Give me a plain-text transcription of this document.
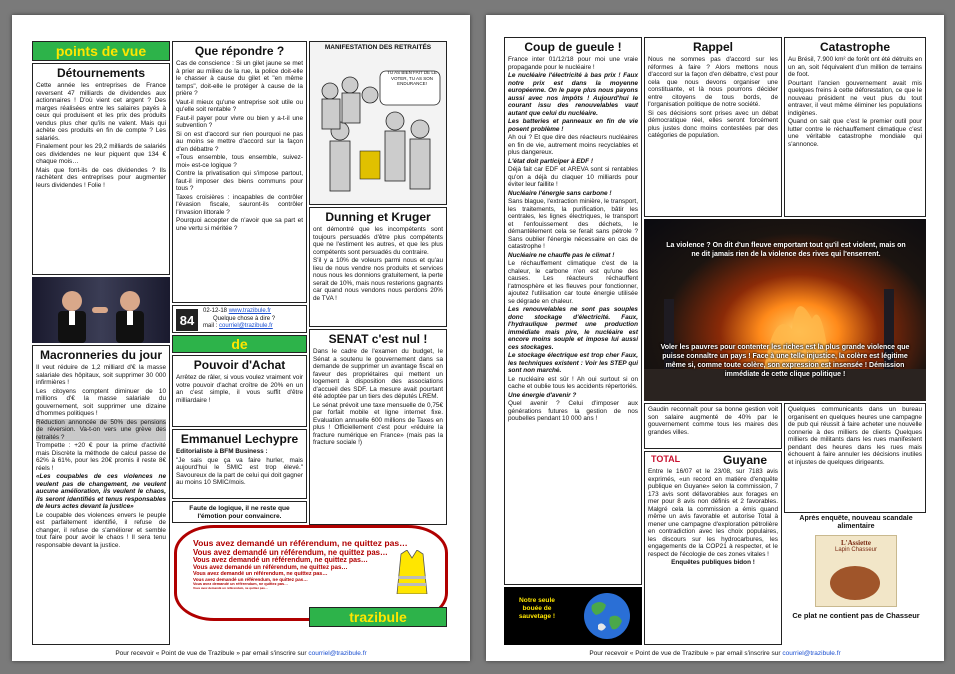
points de vue
Détournements

Cette année les entreprises de France reversent 47 milliards de dividendes aux actionnaires ! D'où vient cet argent ? Des marges réalisées entre les salaires payés à ceux qui produisent et les prix des produits vendus plus cher qu'ils ne valent. Mais qui achète ces produits en fin de compte ? Les salariés.

Finalement pour les 29,2 milliards de salariés ces dividendes ne leur piquent que 134 € chaque mois…

Mais que font-ils de ces dividendes ? Ils rachètent des entreprises pour augmenter leurs dividendes ! Folie !

Macronneries du jour

Il veut réduire de 1,2 milliard d'€ la masse salariale des hôpitaux, soit supprimer 30 000 infirmières !

Les citoyens comptent diminuer de 10 millions d'€ la masse salariale du gouvernement, soit supprimer une dizaine d'hommes politiques !

Réduction annoncée de 50% des pensions de réversion. Va-t-on vers une grève des retraités ?

Trompette : +20 € pour la prime d'activité mais Discrète la méthode de calcul passe de 62% à 61%, pour les 20€ promis il reste 8€ réels !

«Les coupables de ces violences ne veulent pas de changement, ne veulent aucune amélioration, ils veulent le chaos, ils seront identifiés et tenus responsables de leurs actes devant la justice»

Le coupable des violences envers le peuple est parfaitement identifié, il refuse de changer, il refuse de s'améliorer et semble tout faire pour avoir le chaos ! Il sera tenu responsable devant la justice.

Que répondre ?

Cas de conscience : Si un gilet jaune se met à prier au milieu de la rue, la police doit-elle le chasser à cause du gilet et "en même temps", doit-elle le protéger à cause de la prière ?

Vaut-il mieux qu'une entreprise soit utile ou qu'elle soit rentable ?

Faut-il payer pour vivre ou bien y a-t-il une subvention ?

Si on est d'accord sur rien pourquoi ne pas au moins se mettre d'accord sur la façon d'en débattre ?

«Tous ensemble, tous ensemble, suivez-moi» est-ce logique ?

Contre la privatisation qui s'impose partout, faut-il imposer des biens communs pour tous ?

Taxes croisières : incapables de contrôler l'évasion fiscale, sauront-ils contrôler l'invasion littorale ?

Pourquoi accepter de n'avoir que sa part et une vertu si méritée ?

84
02-12-18 www.trazibule.fr
Quelque chose à dire ?
mail : courriel@trazibule.fr
de
Pouvoir d'Achat

Arrêtez de râler, si vous voulez vraiment voir votre pouvoir d'achat croître de 20% en un an c'est simple, il vous suffit d'être milliardaire !

Emmanuel Lechypre

Editorialiste à BFM Business :

"Je sais que ça va faire hurler, mais aujourd'hui le SMIC est trop élevé." Savoureux de la part de celui qui doit gagner au moins 10 SMIC/mois.

Faute de logique, il ne reste que l'émotion pour convaincre.
MANIFESTATION DES RETRAITÉS
TU AS BIEN FAIT DE LE VOTER, TU AS SON ENDURANCE!
Dunning et Kruger

ont démontré que les incompétents sont toujours persuadés d'être plus compétents que ne l'estiment les autres, et que les plus compétents sont persuadés du contraire.

S'il y a 10% de voleurs parmi nous et qu'au lieu de nous vendre nos produits et services nous nous les donnions gratuitement, la perte serait de 10%, mais nous resterions gagnants car quand nous vendons nous perdons 20% de TVA !

SENAT c'est nul !

Dans le cadre de l'examen du budget, le Sénat a soutenu le gouvernement dans sa demande de supprimer un avantage fiscal en faveur des propriétaires qui mettent un logement à disposition des associations d'accueil des SDF. La mesure avait pourtant été adoptée par un tiers des députés LREM.

Le sénat prévoit une taxe mensuelle de 0,75€ par forfait mobile et ligne internet fixe. Evaluation annuelle 600 millions de Taxes en plus ! Officiellement c'est pour «réduire la fracture numérique en France» (mais pas la fracture sociale !)

Vous avez demandé un référendum, ne quittez pas…
Vous avez demandé un référendum, ne quittez pas…
Vous avez demandé un référendum, ne quittez pas…
Vous avez demandé un référendum, ne quittez pas…
Vous avez demandé un référendum, ne quittez pas…
Vous avez demandé un référendum, ne quittez pas…
Vous avez demandé un référendum, ne quittez pas…
Vous avez demandé un référendum, ne quittez pas…
trazibule
Pour recevoir « Point de vue de Trazibule » par email s'inscrire sur courriel@trazibule.fr
Coup de gueule !

France inter 01/12/18 pour moi une vraie propagande pour le nucléaire !

Le nucléaire l'électricité à bas prix ! Faux notre prix est dans la moyenne européenne. On le paye plus nous payons aussi avec nos impôts ! Aujourd'hui le courant issu des renouvelables vaut autant que celui du nucléaire.

Les batteries et panneaux en fin de vie posent problème !

Ah oui ? Et que dire des réacteurs nucléaires en fin de vie, autrement moins recyclables et plus dangereux.

L'état doit participer à EDF !

Déjà fait car EDF et AREVA sont si rentables qu'on a déjà du claquer 10 milliards pour éviter leur faillite !

Nucléaire l'énergie sans carbone !

Sans blague, l'extraction minière, le transport, les traitements, la purification, bâtir les centrales, les lignes électriques, le transport et l'enfouissement des déchets, le démantèlement cela se ferait sans pétrole ? Sans oublier l'énergie nécessaire en cas de catastrophe !

Nucléaire ne chauffe pas le climat !

Le réchauffement climatique c'est de la chaleur, le carbone n'en est qu'une des causes. Les réacteurs réchauffent l'atmosphère et les fleuves pour fonctionner, ajoutez l'utilisation car toute énergie utilisée se dégrade en chaleur.

Les renouvelables ne sont pas souples donc stockage d'électricité. Faux, l'hydraulique permet une production immédiate mais pire, le nucléaire est encore moins souple et impose lui aussi ces stockages.

Le stockage électrique est trop cher Faux, les techniques existent : Voir les STEP qui sont non marché.

Le nucléaire est sûr ! Ah oui surtout si on cache et oublie tous les accidents répertoriés.

Une énergie d'avenir ?

Quel avenir ? Celui d'imposer aux générations futures la gestion de nos poubelles pendant 10 000 ans !

Notre seule bouée de sauvetage !
Rappel

Nous ne sommes pas d'accord sur les réformes à faire ? Alors mettons nous d'accord sur la façon d'en débattre, c'est pour cela que nous devons organiser une constituante, et là nous pourrons décider entre citoyens de tous bords, de l'organisation politique de notre société.

Si ces décisions sont prises avec un débat démocratique réel, elles seront forcément plus justes donc moins contestées par des catégories de population.

Catastrophe

Au Brésil, 7.900 km² de forêt ont été détruits en un an, soit l'équivalent d'un million de terrains de foot.

Pourtant l'ancien gouvernement avait mis quelques freins à cette déforestation, ce que le nouveau président ne veut plus du tout entraver, il veut même éliminer les populations indigènes.

Quand on sait que c'est le premier outil pour lutter contre le réchauffement climatique c'est une véritable catastrophe mondiale qui s'annonce.

La violence ? On dit d'un fleuve emportant tout qu'il est violent, mais on ne dit jamais rien de la violence des rives qui l'enserrent.
Voler les pauvres pour contenter les riches est la plus grande violence que puisse connaître un pays ! Face à une telle injustice, la colère est légitime même si, comme toute colère, son expression est insensée ! Démission immédiate de cette clique politique !
Gaudin reconnaît pour sa bonne gestion voit son salaire augmenté de 40% par le gouvernement comme tous les maires des grandes villes.
Quelques communicants dans un bureau organisent en quelques heures une campagne de pub qui réussit à faire acheter une nouvelle connerie à des milliers de clients Quelques milliers de militants dans les rues manifestent pendant des heures dans les rues mais échouent à faire annuler les décisions inutiles et injustes de quelques dirigeants.
TOTAL	Guyane

Entre le 16/07 et le 23/08, sur 7183 avis exprimés, «un record en matière d'enquête publique en Guyane» selon la commission, 7 173 avis sont défavorables aux forages en mer pour 8 avis non définis et 2 favorables. Malgré cela la commission a émis quand même un avis favorable et autorise Total à mener une campagne d'exploration pétrolière en contradiction avec les choix populaires, les discours sur les hydrocarbures, les engagements de la COP21 à respecter, et le respect de l'écologie de ces zones vitales !

Enquêtes publiques bidon !

Après enquête, nouveau scandale alimentaire
L'Assiette
Lapin Chasseur
Ce plat ne contient pas de Chasseur
Pour recevoir « Point de vue de Trazibule » par email s'inscrire sur courriel@trazibule.fr
